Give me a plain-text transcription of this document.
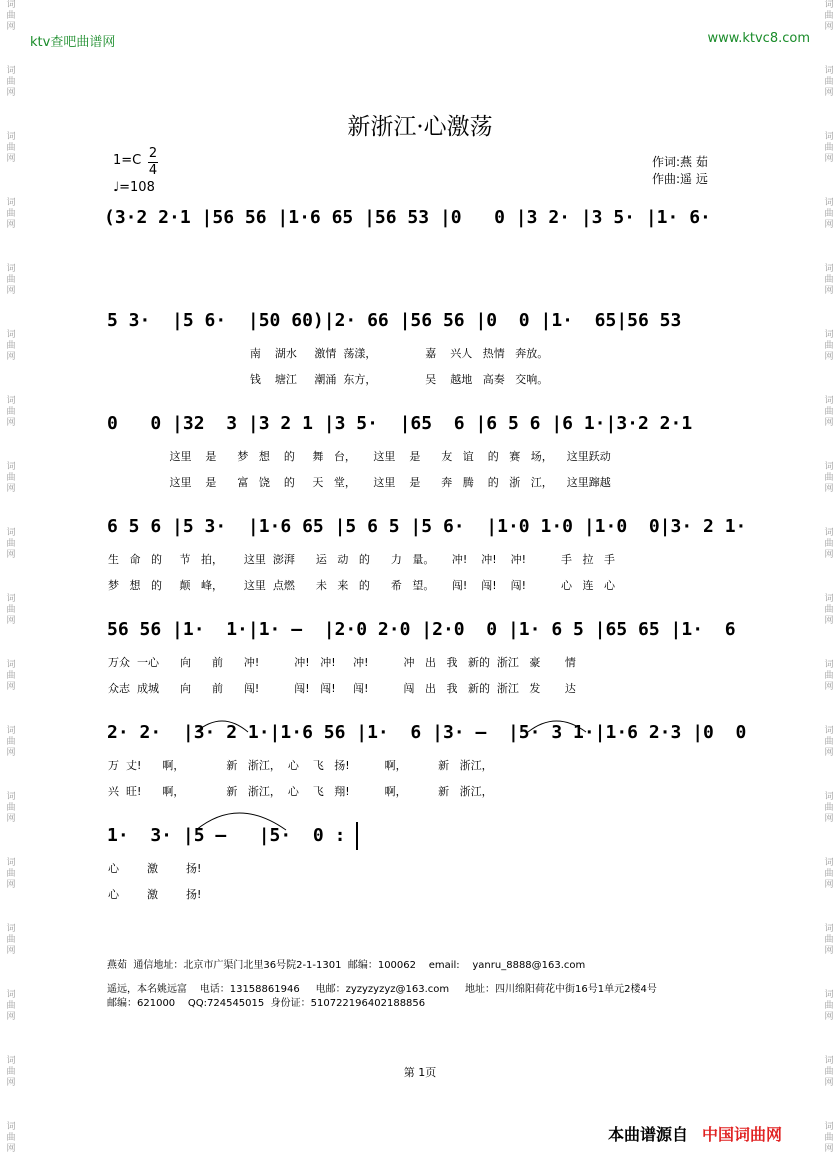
词
曲
网
词
曲
网
词
曲
网
词
曲
网
词
曲
网
词
曲
网
词
曲
网
词
曲
网
词
曲
网
词
曲
网
词
曲
网
词
曲
网
词
曲
网
词
曲
网
词
曲
网
词
曲
网
词
曲
网
词
曲
网
词
曲
网
词
曲
网
词
曲
网
词
曲
网
词
曲
网
词
曲
网
词
曲
网
词
曲
网
词
曲
网
词
曲
网
词
曲
网
词
曲
网
词
曲
网
词
曲
网
词
曲
网
词
曲
网
词
曲
网
词
曲
网
ktv查吧曲谱网	www.ktvc8.com
新浙江·心激荡
1=C 2
4
♩=108
作词:燕 茹
作曲:遥 远
(3·2 2·1 |56 56 |1·6 65 |56 53 |0   0 |3 2· |3 5· |1· 6·
5 3·  |5 6·  |50 60)|2· 66 |56 56 |0  0 |1·  65|56 53
南    湖水     激情  荡漾，              嘉    兴人   热情   奔放。
钱    塘江     潮涌  东方，              吴    越地   高奏   交响。
0   0 |32  3 |3 2 1 |3 5·  |65  6 |6 5 6 |6 1·|3·2 2·1
这里    是      梦   想    的     舞   台，     这里    是      友   谊    的   赛   场，    这里跃动
这里    是      富   饶    的     天   堂，     这里    是      奔   腾    的   浙   江，    这里蹿越
6 5 6 |5 3·  |1·6 65 |5 6 5 |5 6·  |1·0 1·0 |1·0  0|3· 2 1·
生   命   的     节   拍，      这里  澎湃      运   动   的      力   量。     冲!    冲!    冲!          手   拉   手
梦   想   的     颠   峰，      这里  点燃      未   来   的      希   望。     闯!    闯!    闯!          心   连   心
56 56 |1·  1·|1· —  |2·0 2·0 |2·0  0 |1· 6 5 |65 65 |1·  6
万众  一心      向      前      冲!          冲!   冲!     冲!          冲   出   我   新的  浙江   豪       情
众志  成城      向      前      闯!          闯!   闯!     闯!          闯   出   我   新的  浙江   发       达
2· 2·  |3· 2 1·|1·6 56 |1·  6 |3· —  |5· 3 1·|1·6 2·3 |0  0
万  丈!      啊，            新   浙江，  心    飞   扬!          啊，         新   浙江，
兴  旺!      啊，            新   浙江，  心    飞   翔!          啊，         新   浙江，
1·  3· |5 —   |5·  0 :
心        激        扬!
心        激        扬!
燕茹  通信地址：北京市广渠门北里36号院2-1-1301  邮编：100062    email:    yanru_8888@163.com
遥远，本名姚远富    电话：13158861946     电邮：zyzyzyzyz@163.com     地址：四川绵阳荷花中街16号1单元2楼4号
邮编：621000    QQ:724545015  身份证：510722196402188856
第 1页
本曲谱源自 中国词曲网
